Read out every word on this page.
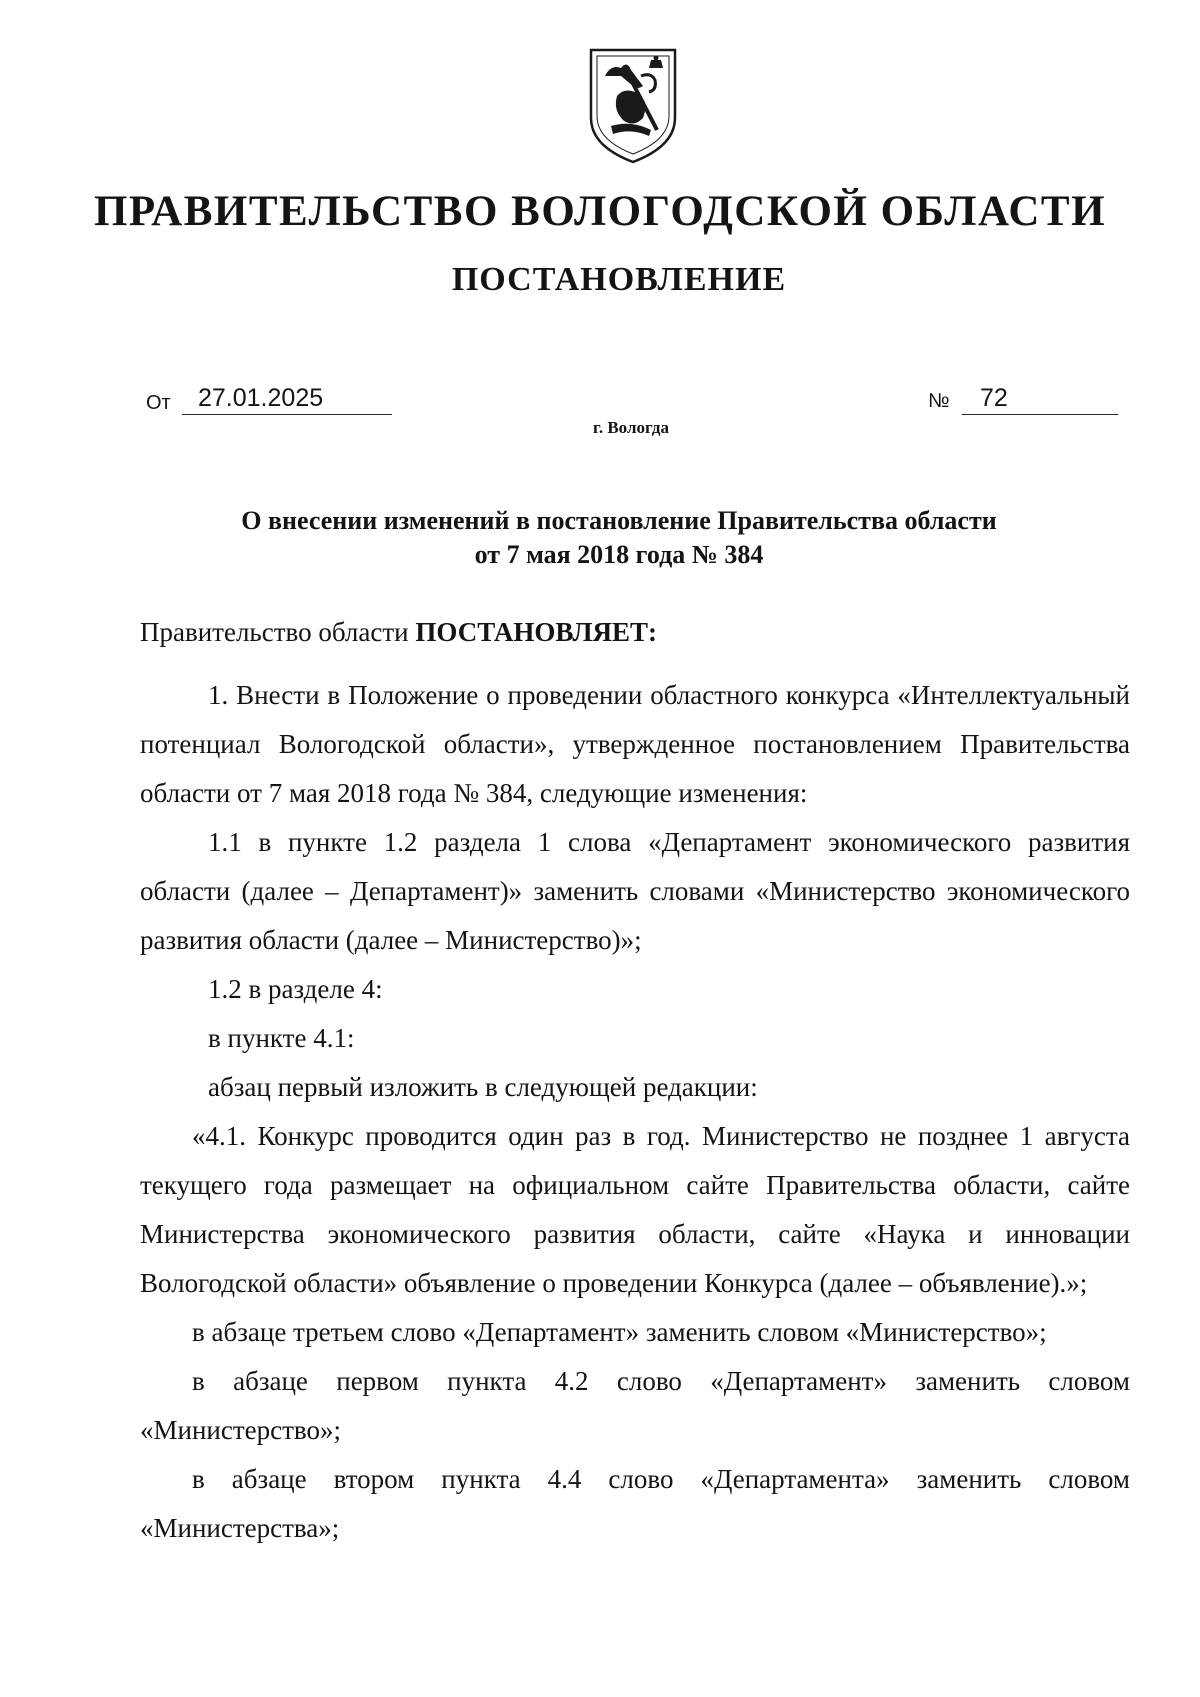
ПРАВИТЕЛЬСТВО ВОЛОГОДСКОЙ ОБЛАСТИ
ПОСТАНОВЛЕНИЕ
От	27.01.2025	№	72
г. Вологда
О внесении изменений в постановление Правительства области
от 7 мая 2018 года № 384

Правительство области ПОСТАНОВЛЯЕТ:

1. Внести в Положение о проведении областного конкурса «Интеллектуальный потенциал Вологодской области», утвержденное постановлением Правительства области от 7 мая 2018 года № 384, следующие изменения:

1.1 в пункте 1.2 раздела 1 слова «Департамент экономического развития области (далее – Департамент)» заменить словами «Министерство экономического развития области (далее – Министерство)»;

1.2 в разделе 4:

в пункте 4.1:

абзац первый изложить в следующей редакции:

«4.1. Конкурс проводится один раз в год. Министерство не позднее 1 августа текущего года размещает на официальном сайте Правительства области, сайте Министерства экономического развития области, сайте «Наука и инновации Вологодской области» объявление о проведении Конкурса (далее – объявление).»;

в абзаце третьем слово «Департамент» заменить словом «Министерство»;

в абзаце первом пункта 4.2 слово «Департамент» заменить словом «Министерство»;

в абзаце втором пункта 4.4 слово «Департамента» заменить словом «Министерства»;
